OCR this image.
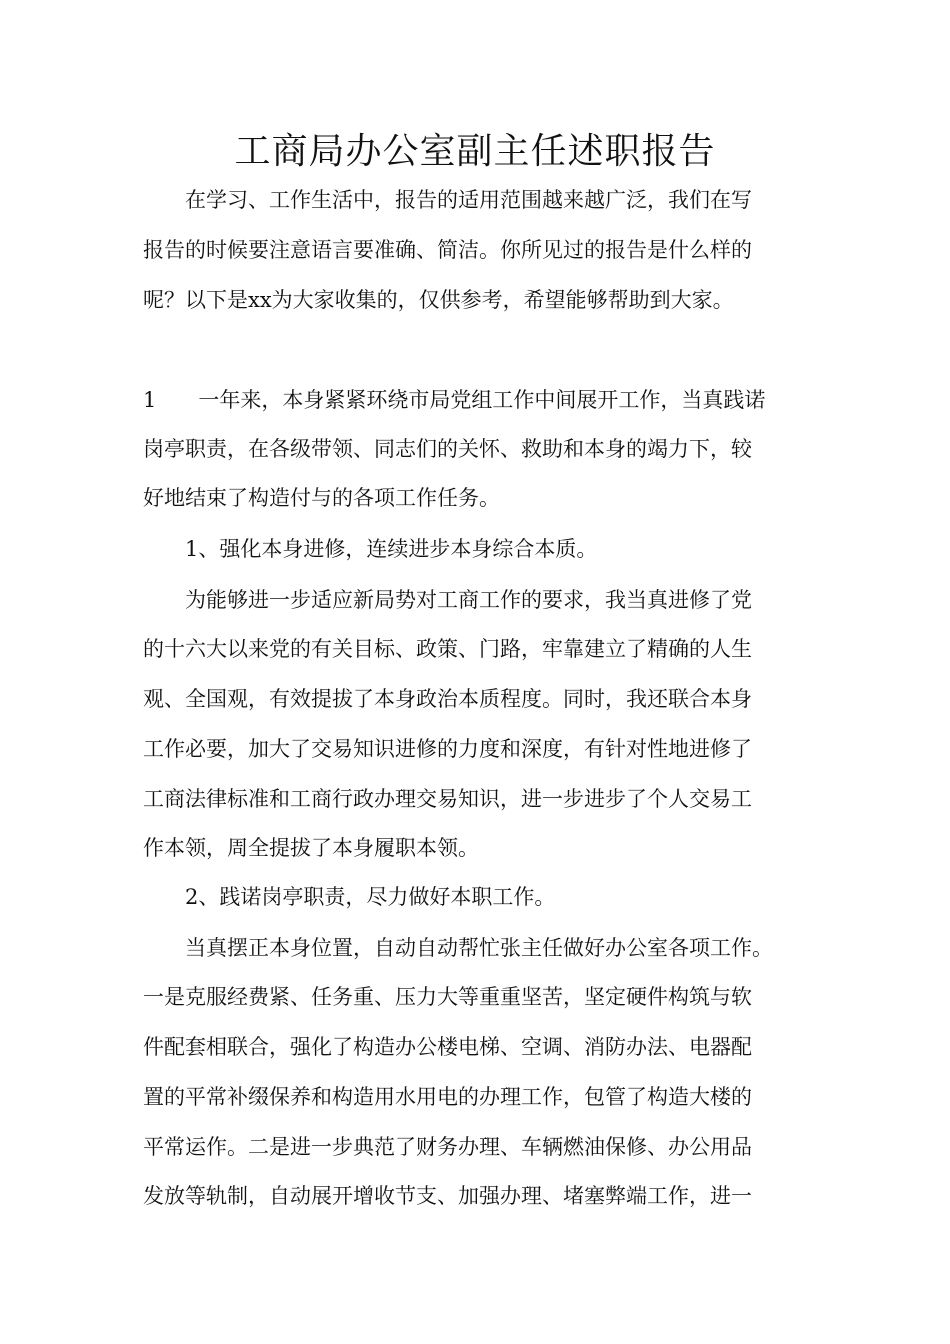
工商局办公室副主任述职报告

　　在学习、工作生活中，报告的适用范围越来越广泛，我们在写

报告的时候要注意语言要准确、简洁。你所见过的报告是什么样的

呢？以下是xx为大家收集的，仅供参考，希望能够帮助到大家。

1　　一年来，本身紧紧环绕市局党组工作中间展开工作，当真践诺

岗亭职责，在各级带领、同志们的关怀、救助和本身的竭力下，较

好地结束了构造付与的各项工作任务。

　　1、强化本身进修，连续进步本身综合本质。

　　为能够进一步适应新局势对工商工作的要求，我当真进修了党

的十六大以来党的有关目标、政策、门路，牢靠建立了精确的人生

观、全国观，有效提拔了本身政治本质程度。同时，我还联合本身

工作必要，加大了交易知识进修的力度和深度，有针对性地进修了

工商法律标准和工商行政办理交易知识，进一步进步了个人交易工

作本领，周全提拔了本身履职本领。

　　2、践诺岗亭职责，尽力做好本职工作。

　　当真摆正本身位置，自动自动帮忙张主任做好办公室各项工作。

一是克服经费紧、任务重、压力大等重重坚苦，坚定硬件构筑与软

件配套相联合，强化了构造办公楼电梯、空调、消防办法、电器配

置的平常补缀保养和构造用水用电的办理工作，包管了构造大楼的

平常运作。二是进一步典范了财务办理、车辆燃油保修、办公用品

发放等轨制，自动展开增收节支、加强办理、堵塞弊端工作，进一
